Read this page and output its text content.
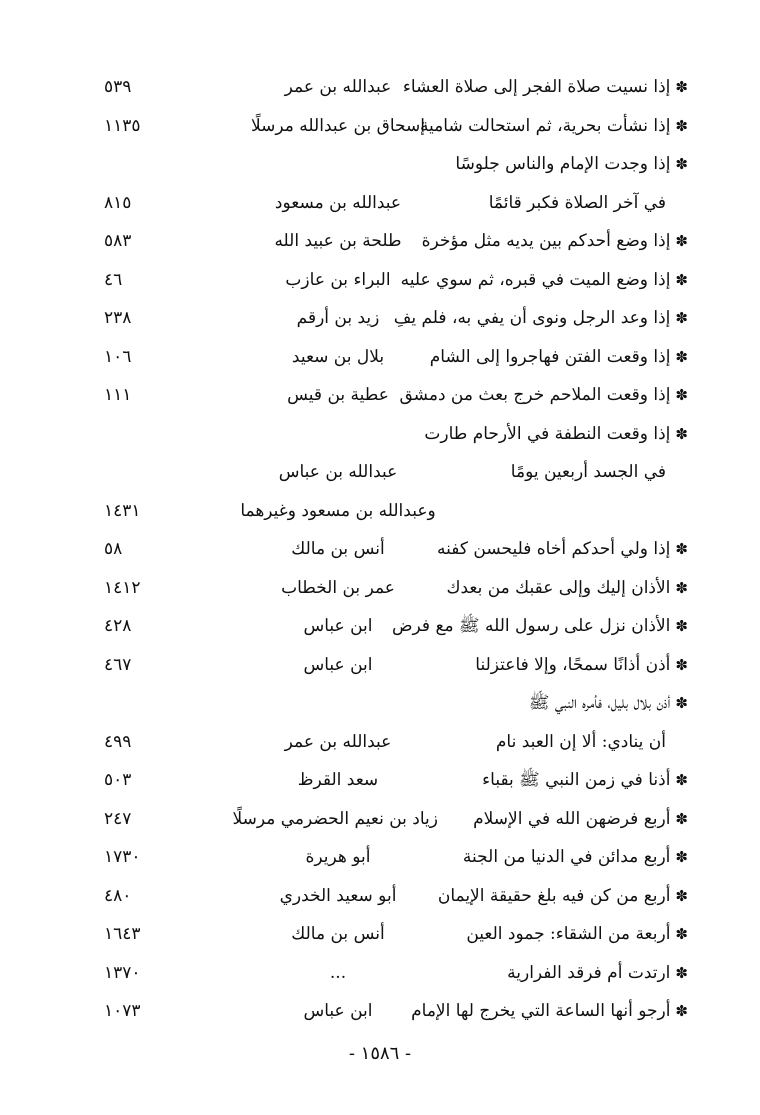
✽إذا نسيت صلاة الفجر إلى صلاة العشاء
عبدالله بن عمر
٥٣٩
✽إذا نشأت بحرية، ثم استحالت شامية
إسحاق بن عبدالله مرسلًا
١١٣٥
✽إذا وجدت الإمام والناس جلوسًا
في آخر الصلاة فكبر قائمًا
عبدالله بن مسعود
٨١٥
✽إذا وضع أحدكم بين يديه مثل مؤخرة
طلحة بن عبيد الله
٥٨٣
✽إذا وضع الميت في قبره، ثم سوي عليه
البراء بن عازب
٤٦
✽إذا وعد الرجل ونوى أن يفي به، فلم يفِ
زيد بن أرقم
٢٣٨
✽إذا وقعت الفتن فهاجروا إلى الشام
بلال بن سعيد
١٠٦
✽إذا وقعت الملاحم خرج بعث من دمشق
عطية بن قيس
١١١
✽إذا وقعت النطفة في الأرحام طارت
في الجسد أربعين يومًا
عبدالله بن عباس
وعبدالله بن مسعود وغيرهما
١٤٣١
✽إذا ولي أحدكم أخاه فليحسن كفنه
أنس بن مالك
٥٨
✽الأذان إليك وإلى عقبك من بعدك
عمر بن الخطاب
١٤١٢
✽الأذان نزل على رسول الله ﷺ مع فرض
ابن عباس
٤٢٨
✽أذن أذانًا سمحًا، وإلا فاعتزلنا
ابن عباس
٤٦٧
✽أذن بلال بليل، فأمره النبي ﷺ
أن ينادي: ألا إن العبد نام
عبدالله بن عمر
٤٩٩
✽أذنا في زمن النبي ﷺ بقباء
سعد القرظ
٥٠٣
✽أربع فرضهن الله في الإسلام
زياد بن نعيم الحضرمي مرسلًا
٢٤٧
✽أربع مدائن في الدنيا من الجنة
أبو هريرة
١٧٣٠
✽أربع من كن فيه بلغ حقيقة الإيمان
أبو سعيد الخدري
٤٨٠
✽أربعة من الشقاء: جمود العين
أنس بن مالك
١٦٤٣
✽ارتدت أم فرقد الفرارية
...
١٣٧٠
✽أرجو أنها الساعة التي يخرج لها الإمام
ابن عباس
١٠٧٣
- ١٥٨٦ -
